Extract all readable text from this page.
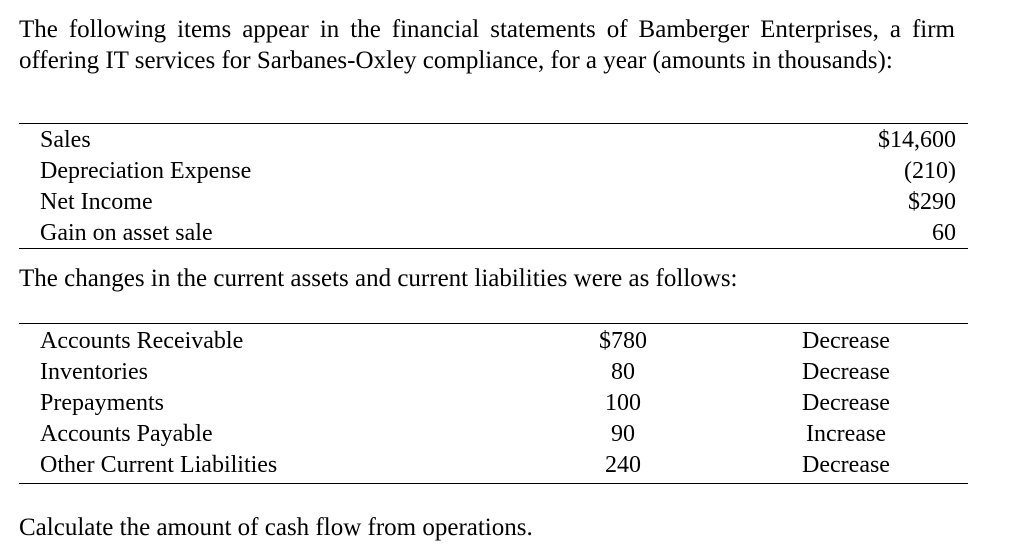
The following items appear in the financial statements of Bamberger Enterprises, a firm offering IT services for Sarbanes-Oxley compliance, for a year (amounts in thousands):
Sales	$14,600
Depreciation Expense	(210)
Net Income	$290
Gain on asset sale	60
The changes in the current assets and current liabilities were as follows:
Accounts Receivable	$780	Decrease
Inventories	80	Decrease
Prepayments	100	Decrease
Accounts Payable	90	Increase
Other Current Liabilities	240	Decrease
Calculate the amount of cash flow from operations.
